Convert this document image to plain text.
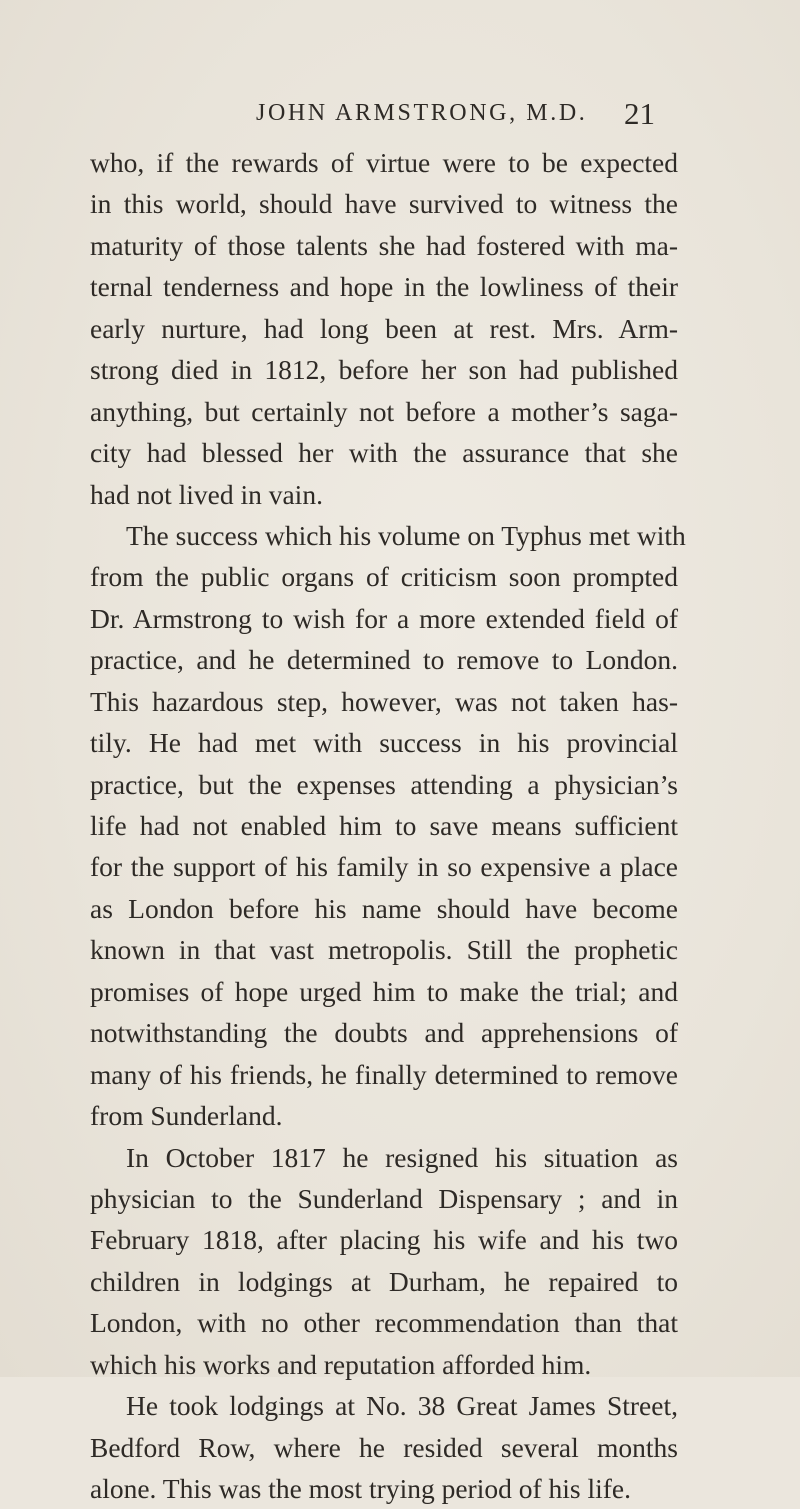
JOHN ARMSTRONG, M.D. 21
who, if the rewards of virtue were to be expected
in this world, should have survived to witness the
maturity of those talents she had fostered with ma-
ternal tenderness and hope in the lowliness of their
early nurture, had long been at rest. Mrs. Arm-
strong died in 1812, before her son had published
anything, but certainly not before a mother’s saga-
city had blessed her with the assurance that she
had not lived in vain.
The success which his volume on Typhus met with
from the public organs of criticism soon prompted
Dr. Armstrong to wish for a more extended field of
practice, and he determined to remove to London.
This hazardous step, however, was not taken has-
tily. He had met with success in his provincial
practice, but the expenses attending a physician’s
life had not enabled him to save means sufficient
for the support of his family in so expensive a place
as London before his name should have become
known in that vast metropolis. Still the prophetic
promises of hope urged him to make the trial; and
notwithstanding the doubts and apprehensions of
many of his friends, he finally determined to remove
from Sunderland.
In October 1817 he resigned his situation as
physician to the Sunderland Dispensary ; and in
February 1818, after placing his wife and his two
children in lodgings at Durham, he repaired to
London, with no other recommendation than that
which his works and reputation afforded him.
He took lodgings at No. 38 Great James Street,
Bedford Row, where he resided several months
alone. This was the most trying period of his life.
